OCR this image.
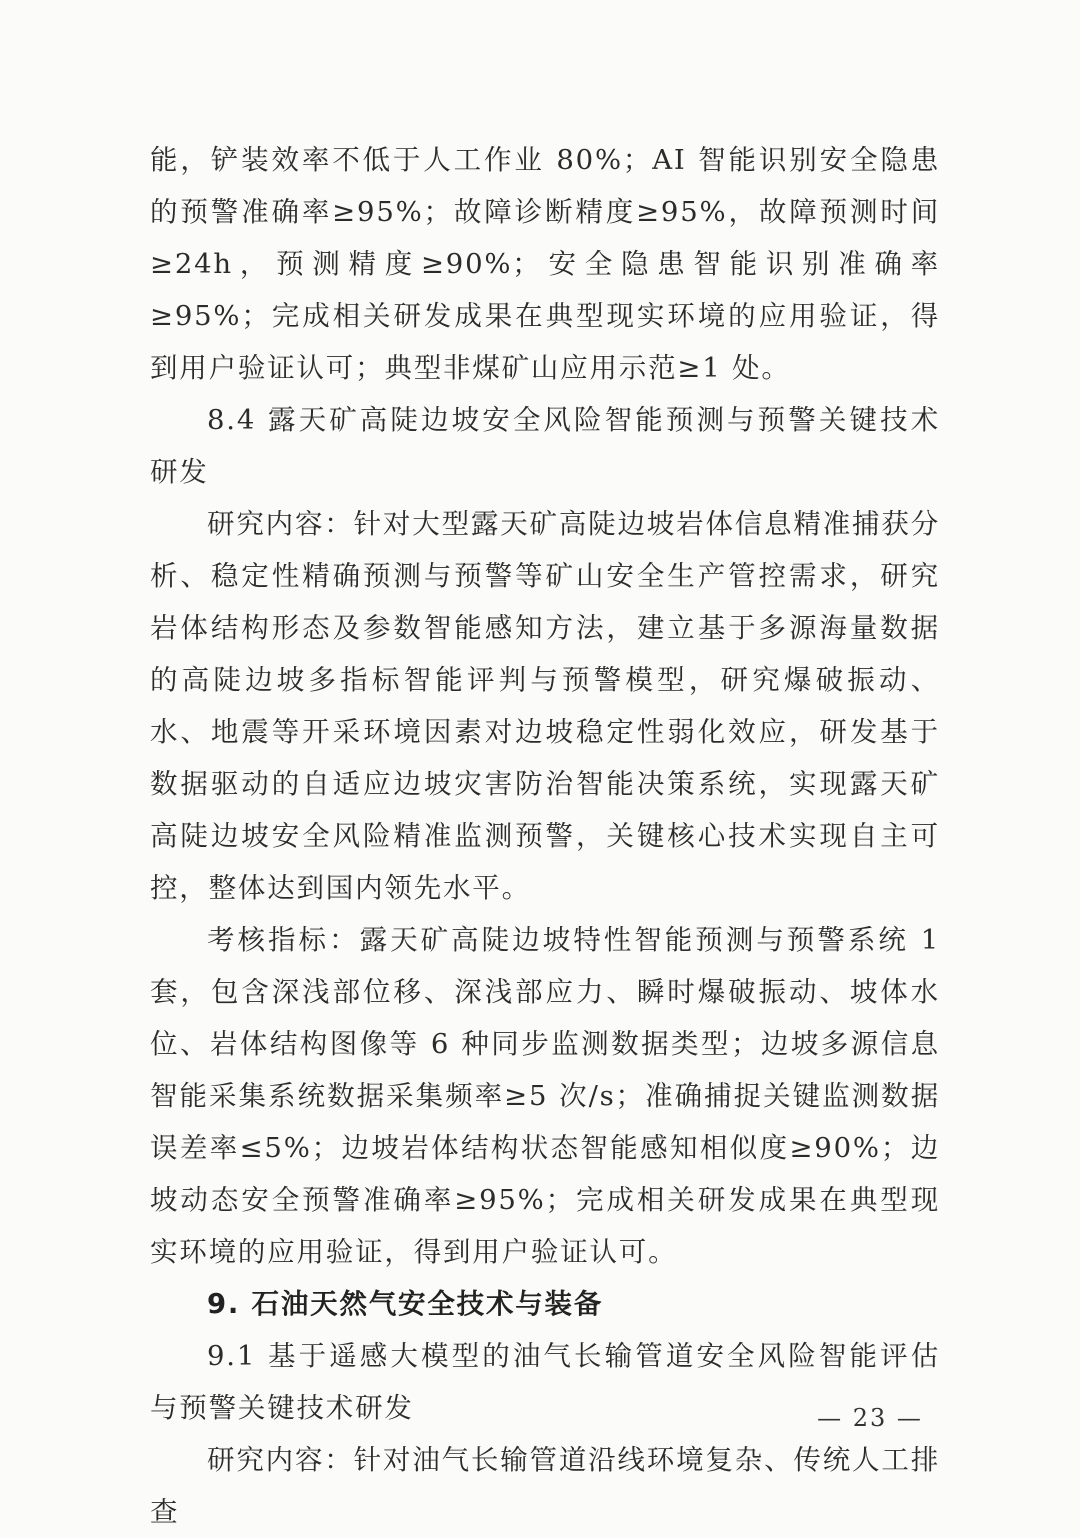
能，铲装效率不低于人工作业 80%；AI 智能识别安全隐患的预警准确率≥95%；故障诊断精度≥95%，故障预测时间≥24h，预测精度≥90%；安全隐患智能识别准确率≥95%；完成相关研发成果在典型现实环境的应用验证，得到用户验证认可；典型非煤矿山应用示范≥1 处。

8.4 露天矿高陡边坡安全风险智能预测与预警关键技术研发

研究内容：针对大型露天矿高陡边坡岩体信息精准捕获分析、稳定性精确预测与预警等矿山安全生产管控需求，研究岩体结构形态及参数智能感知方法，建立基于多源海量数据的高陡边坡多指标智能评判与预警模型，研究爆破振动、水、地震等开采环境因素对边坡稳定性弱化效应，研发基于数据驱动的自适应边坡灾害防治智能决策系统，实现露天矿高陡边坡安全风险精准监测预警，关键核心技术实现自主可控，整体达到国内领先水平。

考核指标：露天矿高陡边坡特性智能预测与预警系统 1 套，包含深浅部位移、深浅部应力、瞬时爆破振动、坡体水位、岩体结构图像等 6 种同步监测数据类型；边坡多源信息智能采集系统数据采集频率≥5 次/s；准确捕捉关键监测数据误差率≤5%；边坡岩体结构状态智能感知相似度≥90%；边坡动态安全预警准确率≥95%；完成相关研发成果在典型现实环境的应用验证，得到用户验证认可。

9. 石油天然气安全技术与装备

9.1 基于遥感大模型的油气长输管道安全风险智能评估与预警关键技术研发

研究内容：针对油气长输管道沿线环境复杂、传统人工排查

— 23 —
